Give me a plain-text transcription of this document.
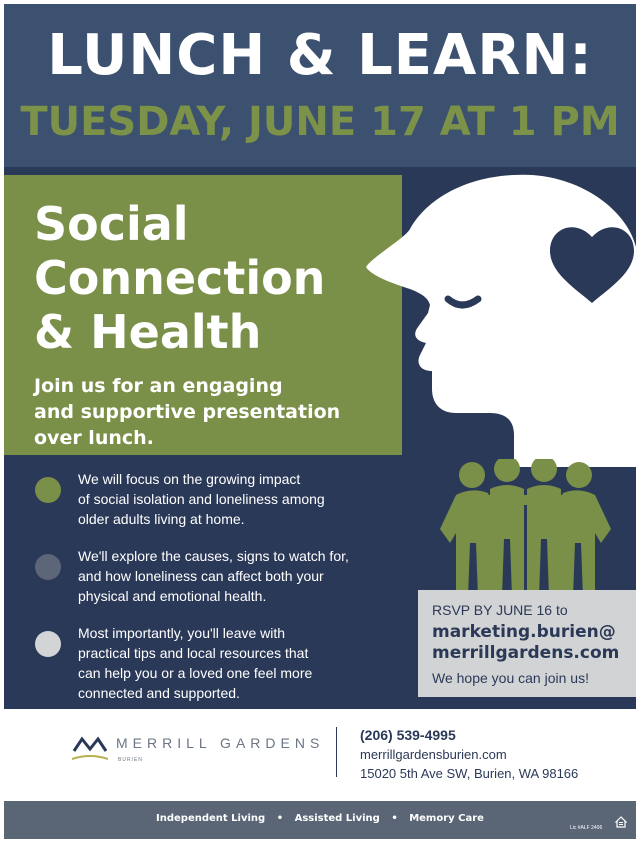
LUNCH & LEARN:
TUESDAY, JUNE 17 AT 1 PM
Social
Connection
& Health
Join us for an engaging
and supportive presentation
over lunch.
We will focus on the growing impact
of social isolation and loneliness among
older adults living at home.
We'll explore the causes, signs to watch for,
and how loneliness can affect both your
physical and emotional health.
Most importantly, you'll leave with
practical tips and local resources that
can help you or a loved one feel more
connected and supported.
RSVP BY JUNE 16 to
marketing.burien@
merrillgardens.com
We hope you can join us!
MERRILL GARDENS
BURIEN
(206) 539-4995
merrillgardensburien.com
15020 5th Ave SW, Burien, WA 98166
Independent Living • Assisted Living • Memory Care
Lic #ALF 2406
